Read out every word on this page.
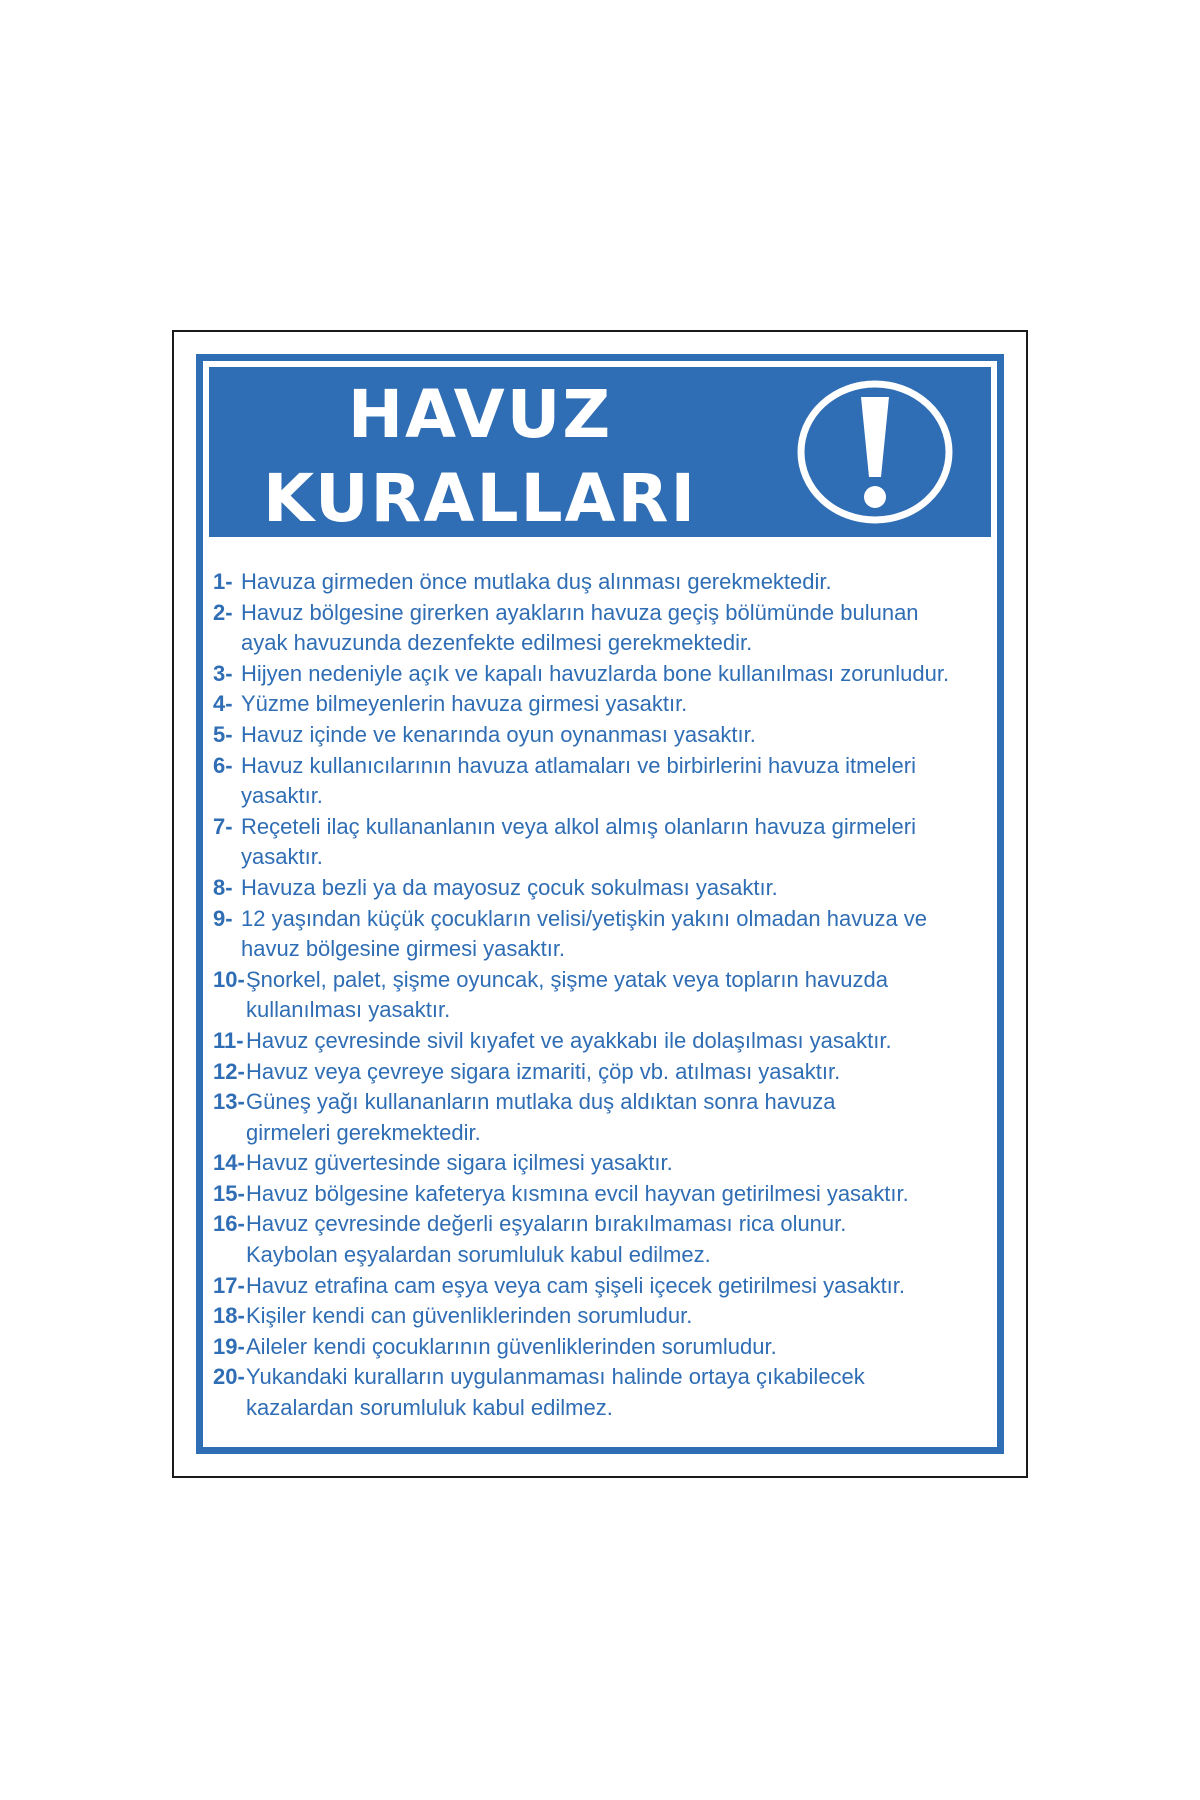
HAVUZ
KURALLARI
1- Havuza girmeden önce mutlaka duş alınması gerekmektedir.
2- Havuz bölgesine girerken ayakların havuza geçiş bölümünde bulunan
ayak havuzunda dezenfekte edilmesi gerekmektedir.
3- Hijyen nedeniyle açık ve kapalı havuzlarda bone kullanılması zorunludur.
4- Yüzme bilmeyenlerin havuza girmesi yasaktır.
5- Havuz içinde ve kenarında oyun oynanması yasaktır.
6- Havuz kullanıcılarının havuza atlamaları ve birbirlerini havuza itmeleri
yasaktır.
7- Reçeteli ilaç kullananlanın veya alkol almış olanların havuza girmeleri
yasaktır.
8- Havuza bezli ya da mayosuz çocuk sokulması yasaktır.
9- 12 yaşından küçük çocukların velisi/yetişkin yakını olmadan havuza ve
havuz bölgesine girmesi yasaktır.
10- Şnorkel, palet, şişme oyuncak, şişme yatak veya topların havuzda
kullanılması yasaktır.
11- Havuz çevresinde sivil kıyafet ve ayakkabı ile dolaşılması yasaktır.
12- Havuz veya çevreye sigara izmariti, çöp vb. atılması yasaktır.
13- Güneş yağı kullananların mutlaka duş aldıktan sonra havuza
girmeleri gerekmektedir.
14- Havuz güvertesinde sigara içilmesi yasaktır.
15- Havuz bölgesine kafeterya kısmına evcil hayvan getirilmesi yasaktır.
16- Havuz çevresinde değerli eşyaların bırakılmaması rica olunur.
Kaybolan eşyalardan sorumluluk kabul edilmez.
17- Havuz etrafina cam eşya veya cam şişeli içecek getirilmesi yasaktır.
18- Kişiler kendi can güvenliklerinden sorumludur.
19- Aileler kendi çocuklarının güvenliklerinden sorumludur.
20- Yukandaki kuralların uygulanmaması halinde ortaya çıkabilecek
kazalardan sorumluluk kabul edilmez.
